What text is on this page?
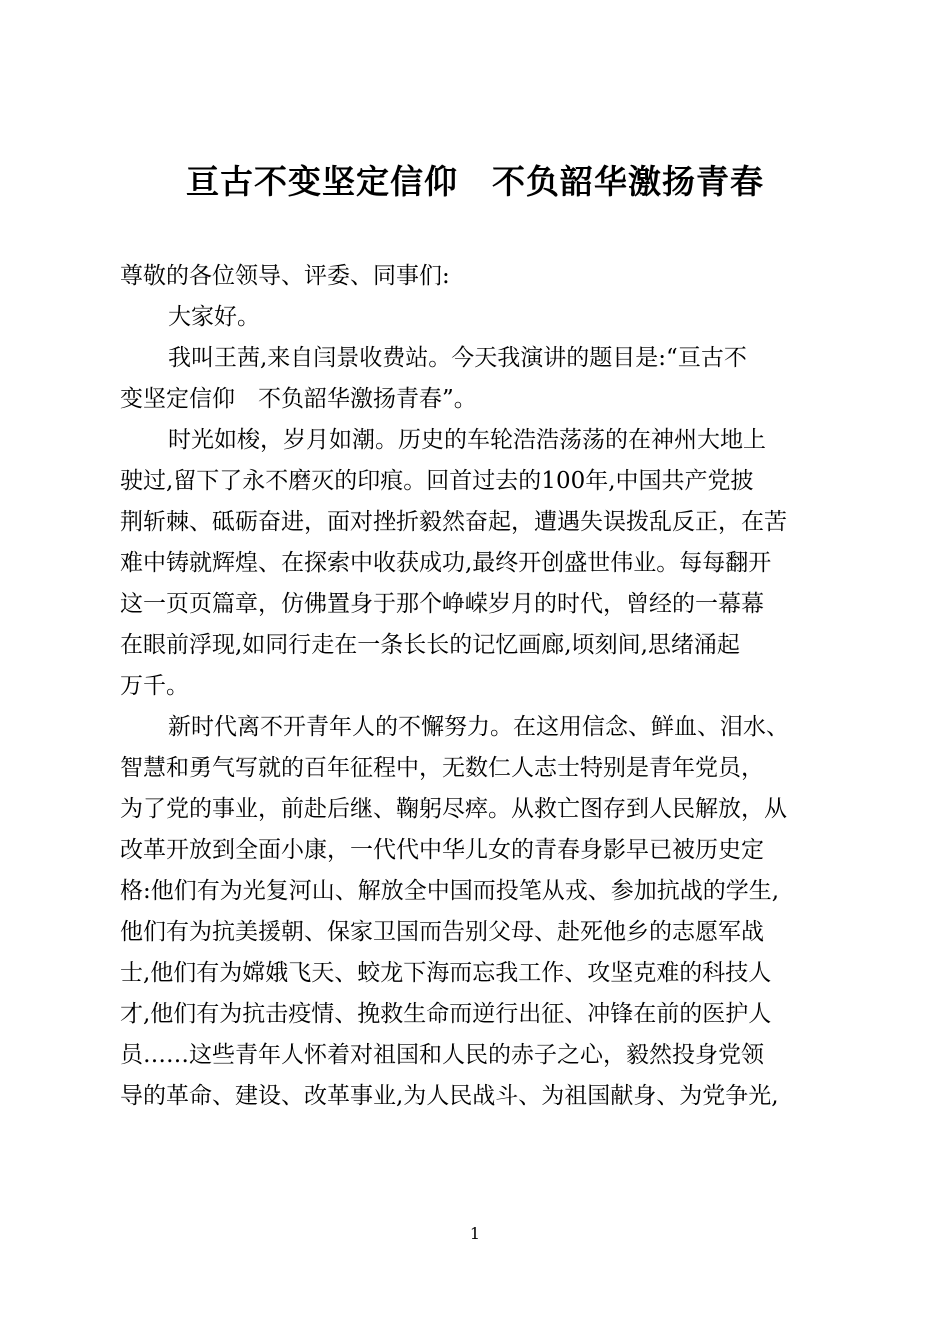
亘古不变坚定信仰　不负韶华激扬青春
尊敬的各位领导、评委、同事们:
大家好。
我叫王茜,来自闫景收费站。今天我演讲的题目是:“亘古不
变坚定信仰　不负韶华激扬青春”。
时光如梭，岁月如潮。历史的车轮浩浩荡荡的在神州大地上
驶过,留下了永不磨灭的印痕。回首过去的100年,中国共产党披
荆斩棘、砥砺奋进，面对挫折毅然奋起，遭遇失误拨乱反正，在苦
难中铸就辉煌、在探索中收获成功,最终开创盛世伟业。每每翻开
这一页页篇章，仿佛置身于那个峥嵘岁月的时代，曾经的一幕幕
在眼前浮现,如同行走在一条长长的记忆画廊,顷刻间,思绪涌起
万千。
新时代离不开青年人的不懈努力。在这用信念、鲜血、泪水、
智慧和勇气写就的百年征程中，无数仁人志士特别是青年党员，
为了党的事业，前赴后继、鞠躬尽瘁。从救亡图存到人民解放，从
改革开放到全面小康，一代代中华儿女的青春身影早已被历史定
格:他们有为光复河山、解放全中国而投笔从戎、参加抗战的学生,
他们有为抗美援朝、保家卫国而告别父母、赴死他乡的志愿军战
士,他们有为嫦娥飞天、蛟龙下海而忘我工作、攻坚克难的科技人
才,他们有为抗击疫情、挽救生命而逆行出征、冲锋在前的医护人
员……这些青年人怀着对祖国和人民的赤子之心，毅然投身党领
导的革命、建设、改革事业,为人民战斗、为祖国献身、为党争光,
1
